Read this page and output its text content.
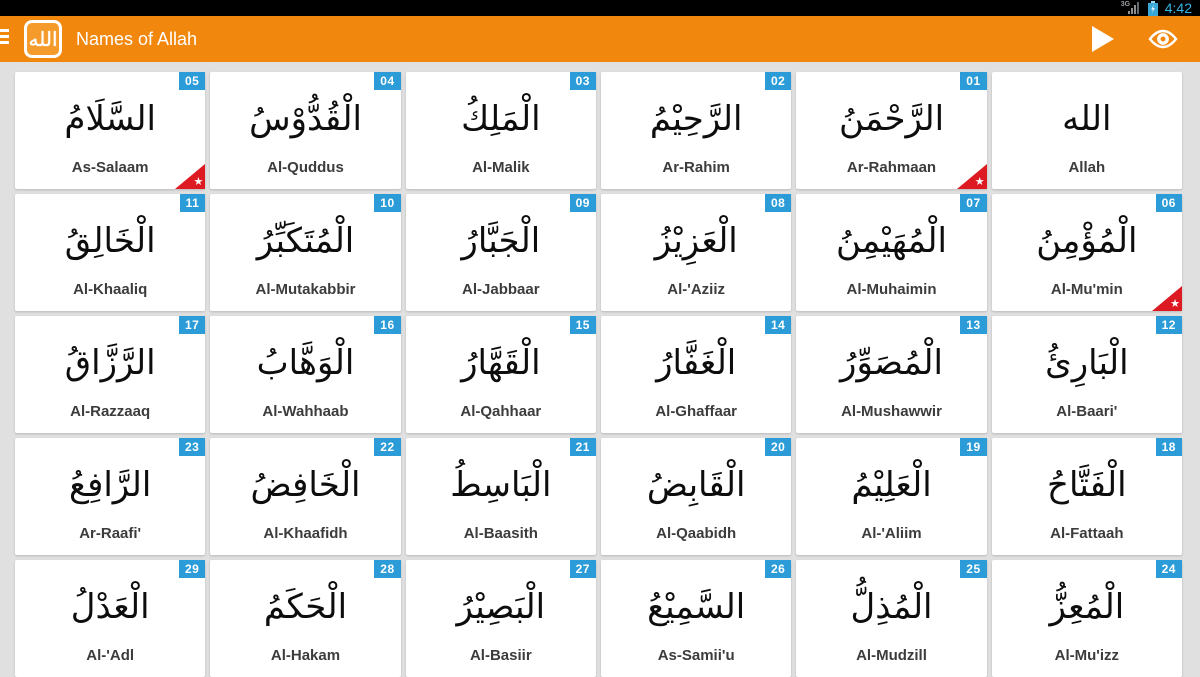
3G 4:42
الله Names of Allah
05
السَّلَامُ
As-Salaam
★
04
الْقُدُّوْسُ
Al-Quddus
03
الْمَلِكُ
Al-Malik
02
الرَّحِيْمُ
Ar-Rahim
01
الرَّحْمَنُ
Ar-Rahmaan
★
الله
Allah
11
الْخَالِقُ
Al-Khaaliq
10
الْمُتَكَبِّرُ
Al-Mutakabbir
09
الْجَبَّارُ
Al-Jabbaar
08
الْعَزِيْزُ
Al-'Aziiz
07
الْمُهَيْمِنُ
Al-Muhaimin
06
الْمُؤْمِنُ
Al-Mu'min
★
17
الرَّزَّاقُ
Al-Razzaaq
16
الْوَهَّابُ
Al-Wahhaab
15
الْقَهَّارُ
Al-Qahhaar
14
الْغَفَّارُ
Al-Ghaffaar
13
الْمُصَوِّرُ
Al-Mushawwir
12
الْبَارِئُ
Al-Baari'
23
الرَّافِعُ
Ar-Raafi'
22
الْخَافِضُ
Al-Khaafidh
21
الْبَاسِطُ
Al-Baasith
20
الْقَابِضُ
Al-Qaabidh
19
الْعَلِيْمُ
Al-'Aliim
18
الْفَتَّاحُ
Al-Fattaah
29
الْعَدْلُ
Al-'Adl
28
الْحَكَمُ
Al-Hakam
27
الْبَصِيْرُ
Al-Basiir
26
السَّمِيْعُ
As-Samii'u
25
الْمُذِلُّ
Al-Mudzill
24
الْمُعِزُّ
Al-Mu'izz
